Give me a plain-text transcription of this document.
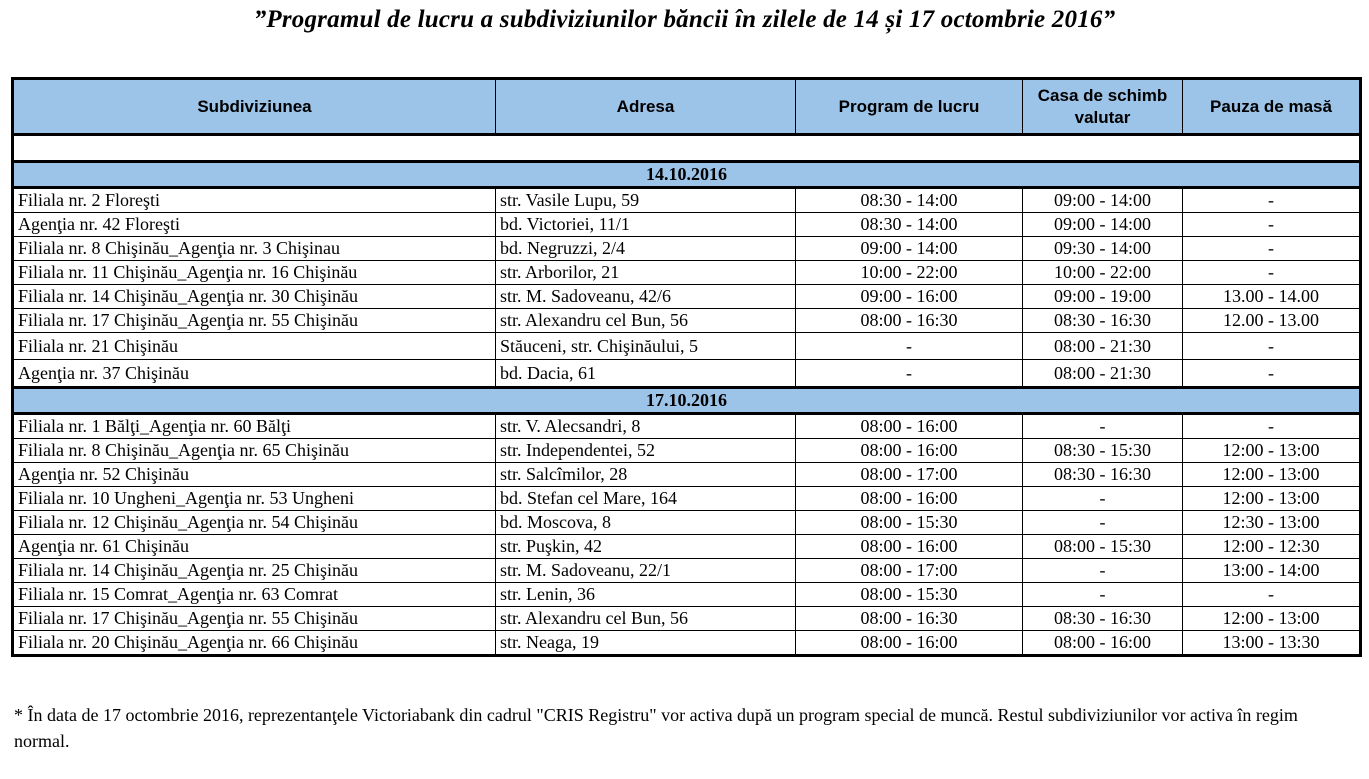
”Programul de lucru a subdiviziunilor băncii în zilele de 14 și 17 octombrie 2016”
Subdiviziunea	Adresa	Program de lucru	Casa de schimb valutar	Pauza de masă

14.10.2016				
Filiala nr. 2 Floreşti	str. Vasile Lupu, 59	08:30 - 14:00	09:00 - 14:00	-
Agenţia nr. 42 Floreşti	bd. Victoriei, 11/1	08:30 - 14:00	09:00 - 14:00	-
Filiala nr. 8 Chişinău_Agenţia nr. 3 Chişinau	bd. Negruzzi, 2/4	09:00 - 14:00	09:30 - 14:00	-
Filiala nr. 11 Chişinău_Agenţia nr. 16 Chişinău	str. Arborilor, 21	10:00 - 22:00	10:00 - 22:00	-
Filiala nr. 14 Chişinău_Agenţia nr. 30 Chişinău	str. M. Sadoveanu, 42/6	09:00 - 16:00	09:00 - 19:00	13.00 - 14.00
Filiala nr. 17 Chişinău_Agenţia nr. 55 Chişinău	str. Alexandru cel Bun, 56	08:00 - 16:30	08:30 - 16:30	12.00 - 13.00
Filiala nr. 21 Chişinău	Stăuceni, str. Chişinăului, 5	-	08:00 - 21:30	-
Agenţia nr. 37 Chişinău	bd. Dacia, 61	-	08:00 - 21:30	-
17.10.2016				
Filiala nr. 1 Bălţi_Agenţia nr. 60 Bălţi	str. V. Alecsandri, 8	08:00 - 16:00	-	-
Filiala nr. 8 Chişinău_Agenţia nr. 65 Chişinău	str. Independentei, 52	08:00 - 16:00	08:30 - 15:30	12:00 - 13:00
Agenţia nr. 52 Chişinău	str. Salcîmilor, 28	08:00 - 17:00	08:30 - 16:30	12:00 - 13:00
Filiala nr. 10 Ungheni_Agenţia nr. 53 Ungheni	bd. Stefan cel Mare, 164	08:00 - 16:00	-	12:00 - 13:00
Filiala nr. 12 Chişinău_Agenţia nr. 54 Chişinău	bd. Moscova, 8	08:00 - 15:30	-	12:30 - 13:00
Agenţia nr. 61 Chişinău	str. Puşkin, 42	08:00 - 16:00	08:00 - 15:30	12:00 - 12:30
Filiala nr. 14 Chişinău_Agenţia nr. 25 Chişinău	str. M. Sadoveanu, 22/1	08:00 - 17:00	-	13:00 - 14:00
Filiala nr. 15 Comrat_Agenţia nr. 63 Comrat	str. Lenin, 36	08:00 - 15:30	-	-
Filiala nr. 17 Chişinău_Agenţia nr. 55 Chişinău	str. Alexandru cel Bun, 56	08:00 - 16:30	08:30 - 16:30	12:00 - 13:00
Filiala nr. 20 Chişinău_Agenţia nr. 66 Chişinău	str. Neaga, 19	08:00 - 16:00	08:00 - 16:00	13:00 - 13:30
* În data de 17 octombrie 2016, reprezentanţele Victoriabank din cadrul "CRIS Registru" vor activa după un program special de muncă. Restul subdiviziunilor vor activa în regim normal.
